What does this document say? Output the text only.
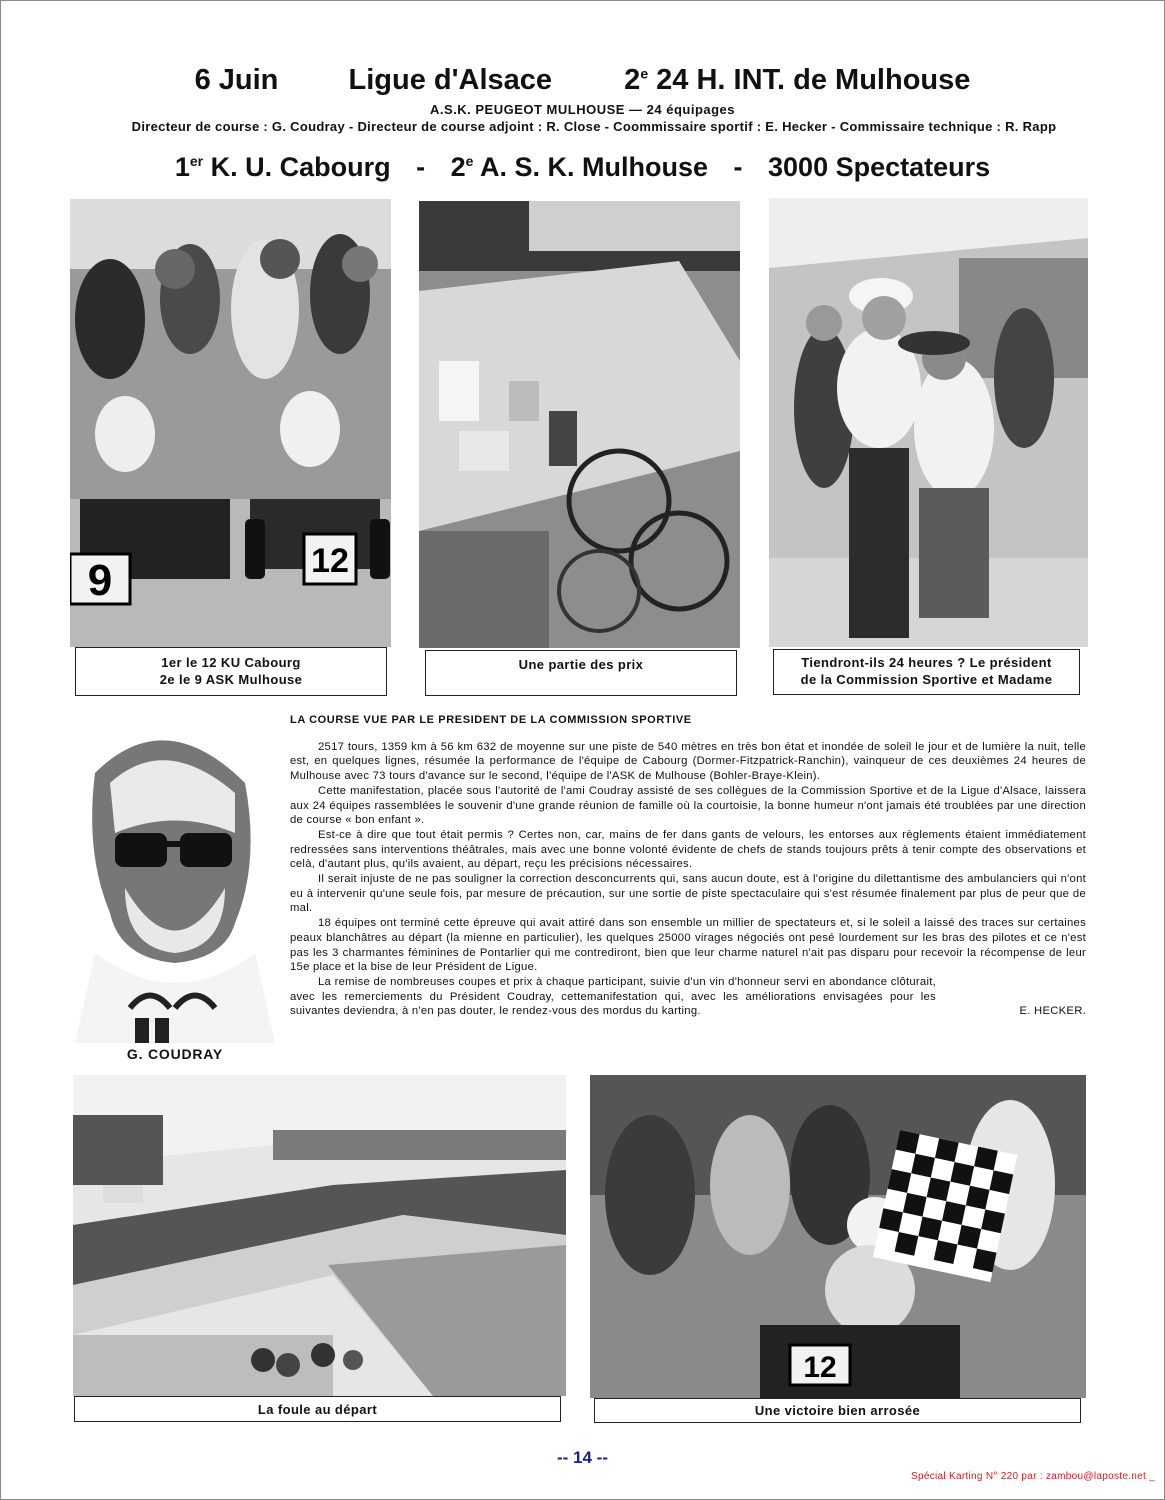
6 Juin Ligue d'Alsace 2e 24 H. INT. de Mulhouse
A.S.K. PEUGEOT MULHOUSE — 24 équipages
Directeur de course : G. Coudray - Directeur de course adjoint : R. Close - Coommissaire sportif : E. Hecker - Commissaire technique : R. Rapp
1er K. U. Cabourg - 2e A. S. K. Mulhouse - 3000 Spectateurs
9	12
1er le 12 KU Cabourg
2e le 9 ASK Mulhouse
Une partie des prix	Tiendront-ils 24 heures ? Le président
de la Commission Sportive et Madame
G. COUDRAY
LA COURSE VUE PAR LE PRESIDENT DE LA COMMISSION SPORTIVE

2517 tours, 1359 km à 56 km 632 de moyenne sur une piste de 540 mètres en très bon état et inondée de soleil le jour et de lumière la nuit, telle est, en quelques lignes, résumée la performance de l'équipe de Cabourg (Dormer-Fitzpatrick-Ranchin), vainqueur de ces deuxièmes 24 heures de Mulhouse avec 73 tours d'avance sur le second, l'équipe de l'ASK de Mulhouse (Bohler-Braye-Klein).

Cette manifestation, placée sous l'autorité de l'ami Coudray assisté de ses collègues de la Commission Sportive et de la Ligue d'Alsace, laissera aux 24 équipes rassemblées le souvenir d'une grande réunion de famille où la courtoisie, la bonne humeur n'ont jamais été troublées par une direction de course « bon enfant ».

Est-ce à dire que tout était permis ? Certes non, car, mains de fer dans gants de velours, les entorses aux règlements étaient immédiatement redressées sans interventions théâtrales, mais avec une bonne volonté évidente de chefs de stands toujours prêts à tenir compte des observations et celà, d'autant plus, qu'ils avaient, au départ, reçu les précisions nécessaires.

Il serait injuste de ne pas souligner la correction desconcurrents qui, sans aucun doute, est à l'origine du dilettantisme des ambulanciers qui n'ont eu à intervenir qu'une seule fois, par mesure de précaution, sur une sortie de piste spectaculaire qui s'est résumée finalement par plus de peur que de mal.

18 équipes ont terminé cette épreuve qui avait attiré dans son ensemble un millier de spectateurs et, si le soleil a laissé des traces sur certaines peaux blanchâtres au départ (la mienne en particulier), les quelques 25000 virages négociés ont pesé lourdement sur les bras des pilotes et ce n'est pas les 3 charmantes féminines de Pontarlier qui me contrediront, bien que leur charme naturel n'ait pas disparu pour recevoir la récompense de leur 15e place et la bise de leur Président de Ligue.

La remise de nombreuses coupes et prix à chaque participant, suivie d'un vin d'honneur servi en abondance clôturait, avec les remerciements du Président Coudray, cettemanifestation qui, avec les améliorations envisagées pour les suivantes deviendra, à n'en pas douter, le rendez-vous des mordus du karting.	E. HECKER.
La foule au départ
12
Une victoire bien arrosée
-- 14 --
Spécial Karting N° 220 par : zambou@laposte.net _
